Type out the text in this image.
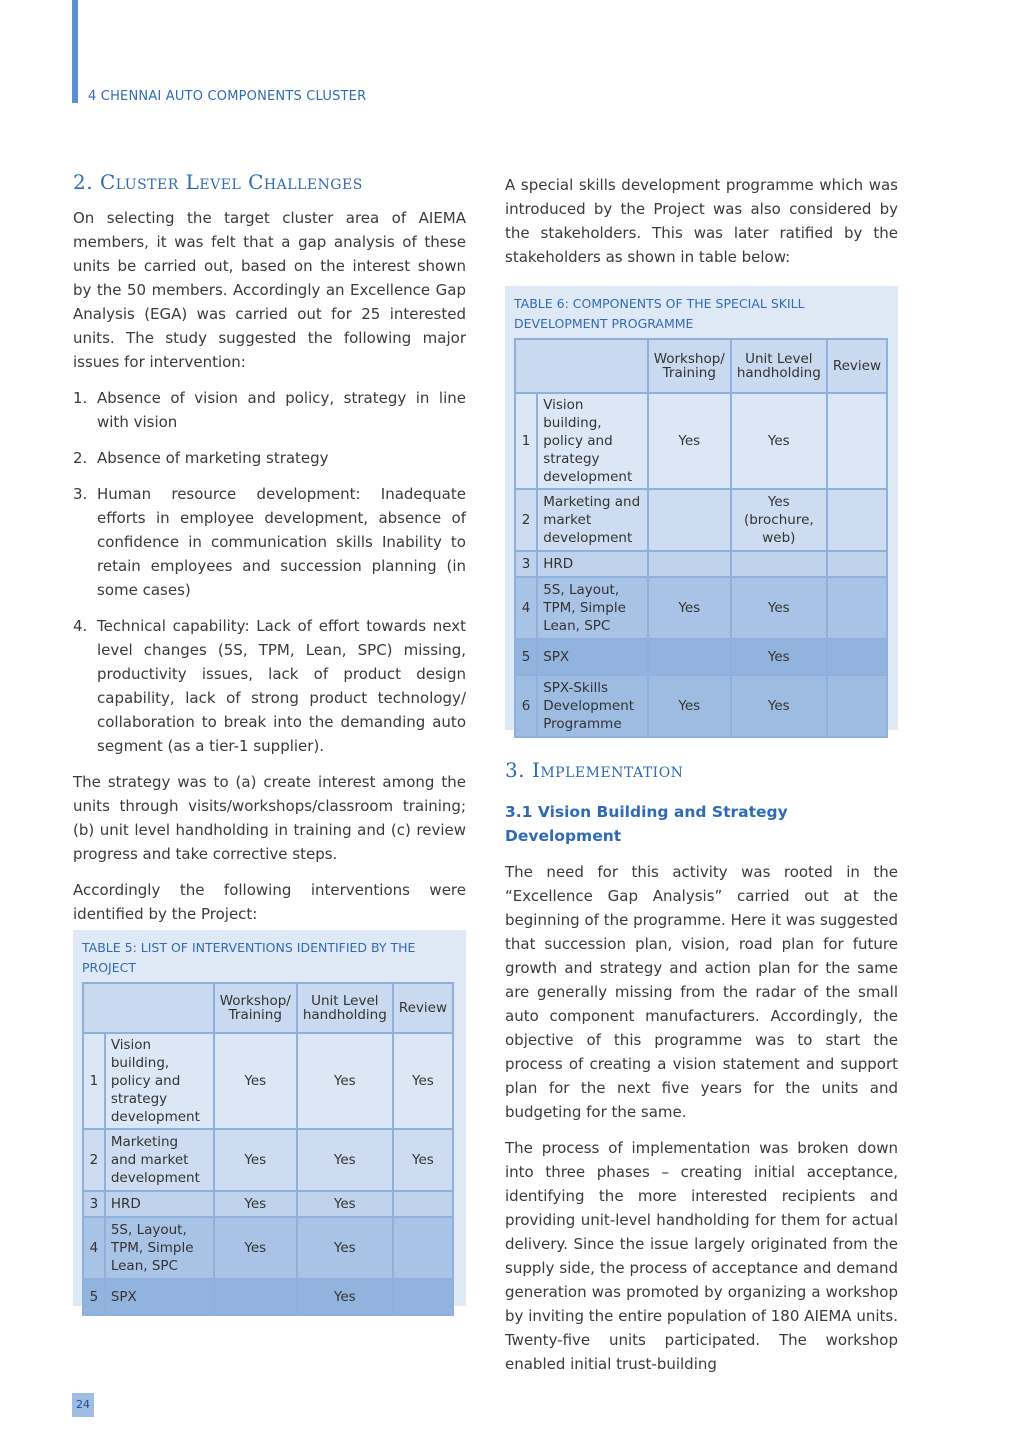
4 CHENNAI AUTO COMPONENTS CLUSTER
2. Cluster Level Challenges

On selecting the target cluster area of AIEMA members, it was felt that a gap analysis of these units be carried out, based on the interest shown by the 50 members. Accordingly an Excellence Gap Analysis (EGA) was carried out for 25 interested units. The study suggested the following major issues for intervention:

1. Absence of vision and policy, strategy in line with vision
2. Absence of marketing strategy
3. Human resource development: Inadequate efforts in employee development, absence of confidence in communication skills Inability to retain employees and succession planning (in some cases)
4. Technical capability: Lack of effort towards next level changes (5S, TPM, Lean, SPC) missing, productivity issues, lack of product design capability, lack of strong product technology/ collaboration to break into the demanding auto segment (as a tier-1 supplier).

The strategy was to (a) create interest among the units through visits/workshops/classroom training; (b) unit level handholding in training and (c) review progress and take corrective steps.

Accordingly the following interventions were identified by the Project:

TABLE 5: LIST OF INTERVENTIONS IDENTIFIED BY THE PROJECT
		Workshop/ Training	Unit Level handholding	Review
1	Vision building, policy and strategy development	Yes	Yes	Yes
2	Marketing and market development	Yes	Yes	Yes
3	HRD	Yes	Yes	
4	5S, Layout, TPM, Simple Lean, SPC	Yes	Yes	
5	SPX		Yes	

A special skills development programme which was introduced by the Project was also considered by the stakeholders. This was later ratified by the stakeholders as shown in table below:

TABLE 6: COMPONENTS OF THE SPECIAL SKILL DEVELOPMENT PROGRAMME
		Workshop/ Training	Unit Level handholding	Review
1	Vision building, policy and strategy development	Yes	Yes	
2	Marketing and market development		Yes (brochure, web)	
3	HRD			
4	5S, Layout, TPM, Simple Lean, SPC	Yes	Yes	
5	SPX		Yes	
6	SPX-Skills Development Programme	Yes	Yes	
3. Implementation
3.1 Vision Building and Strategy Development

The need for this activity was rooted in the “Excellence Gap Analysis” carried out at the beginning of the programme. Here it was suggested that succession plan, vision, road plan for future growth and strategy and action plan for the same are generally missing from the radar of the small auto component manufacturers. Accordingly, the objective of this programme was to start the process of creating a vision statement and support plan for the next five years for the units and budgeting for the same.

The process of implementation was broken down into three phases – creating initial acceptance, identifying the more interested recipients and providing unit-level handholding for them for actual delivery. Since the issue largely originated from the supply side, the process of acceptance and demand generation was promoted by organizing a workshop by inviting the entire population of 180 AIEMA units. Twenty-five units participated. The workshop enabled initial trust-building

24
